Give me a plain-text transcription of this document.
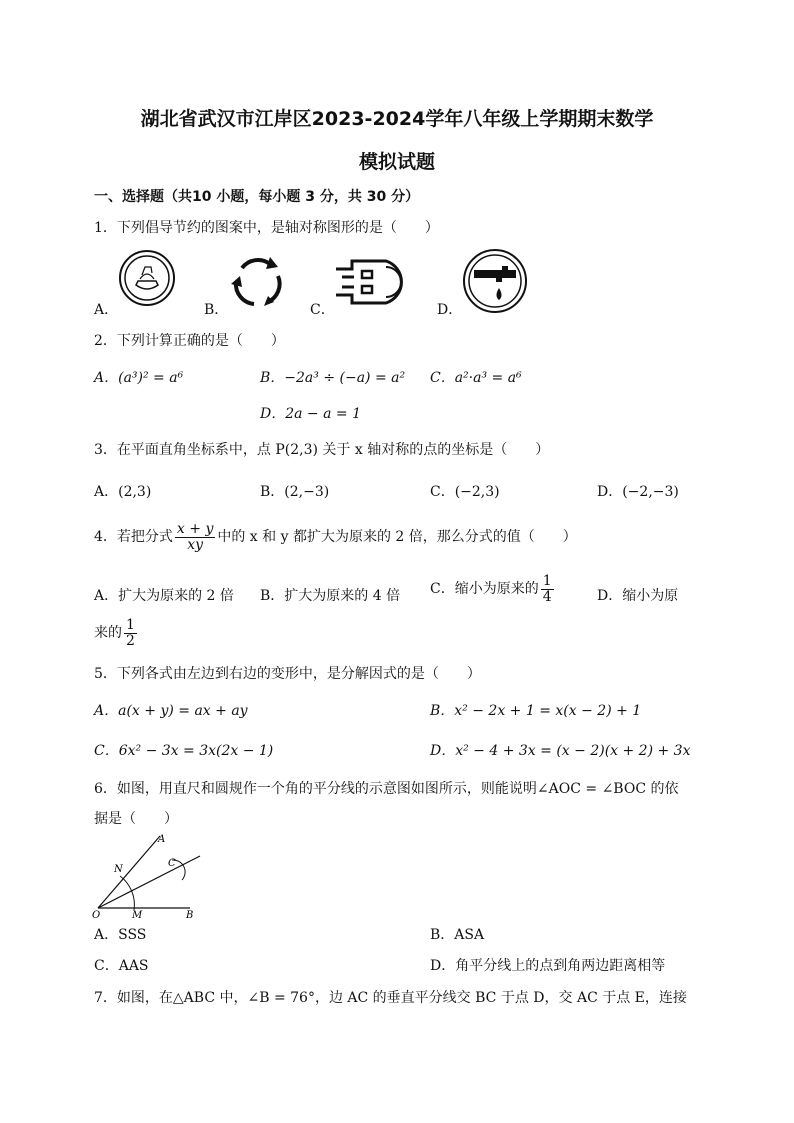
湖北省武汉市江岸区2023-2024学年八年级上学期期末数学
模拟试题
一、选择题（共10 小题，每小题 3 分，共 30 分）
1．下列倡导节约的图案中，是轴对称图形的是（　　）
A．	B．	C．	D．
2．下列计算正确的是（　　）
A．(a³)² = a⁶	B．−2a³ ÷ (−a) = a² C．a²·a³ = a⁶
D．2a − a = 1
3．在平面直角坐标系中，点 P(2,3) 关于 x 轴对称的点的坐标是（　　）
A．(2,3)	B．(2,−3)	C．(−2,3)	D．(−2,−3)
4．若把分式 $\frac{x + y}{xy}$ 中的 x 和 y 都扩大为原来的 2 倍，那么分式的值（　　）
A．扩大为原来的 2 倍 B．扩大为原来的 4 倍 C．缩小为原来的 $\frac{1}{4}$	D．缩小为原
来的 $\frac{1}{2}$
5．下列各式由左边到右边的变形中，是分解因式的是（　　）
A．a(x + y) = ax + ay	B．x² − 2x + 1 = x(x − 2) + 1
C．6x² − 3x = 3x(2x − 1)	D．x² − 4 + 3x = (x − 2)(x + 2) + 3x
6．如图，用直尺和圆规作一个角的平分线的示意图如图所示，则能说明∠AOC = ∠BOC 的依
据是（　　）
A
N
C
O	M	B
A．SSS	B．ASA
C．AAS	D．角平分线上的点到角两边距离相等
7．如图，在△ABC 中，∠B = 76°，边 AC 的垂直平分线交 BC 于点 D，交 AC 于点 E，连接
